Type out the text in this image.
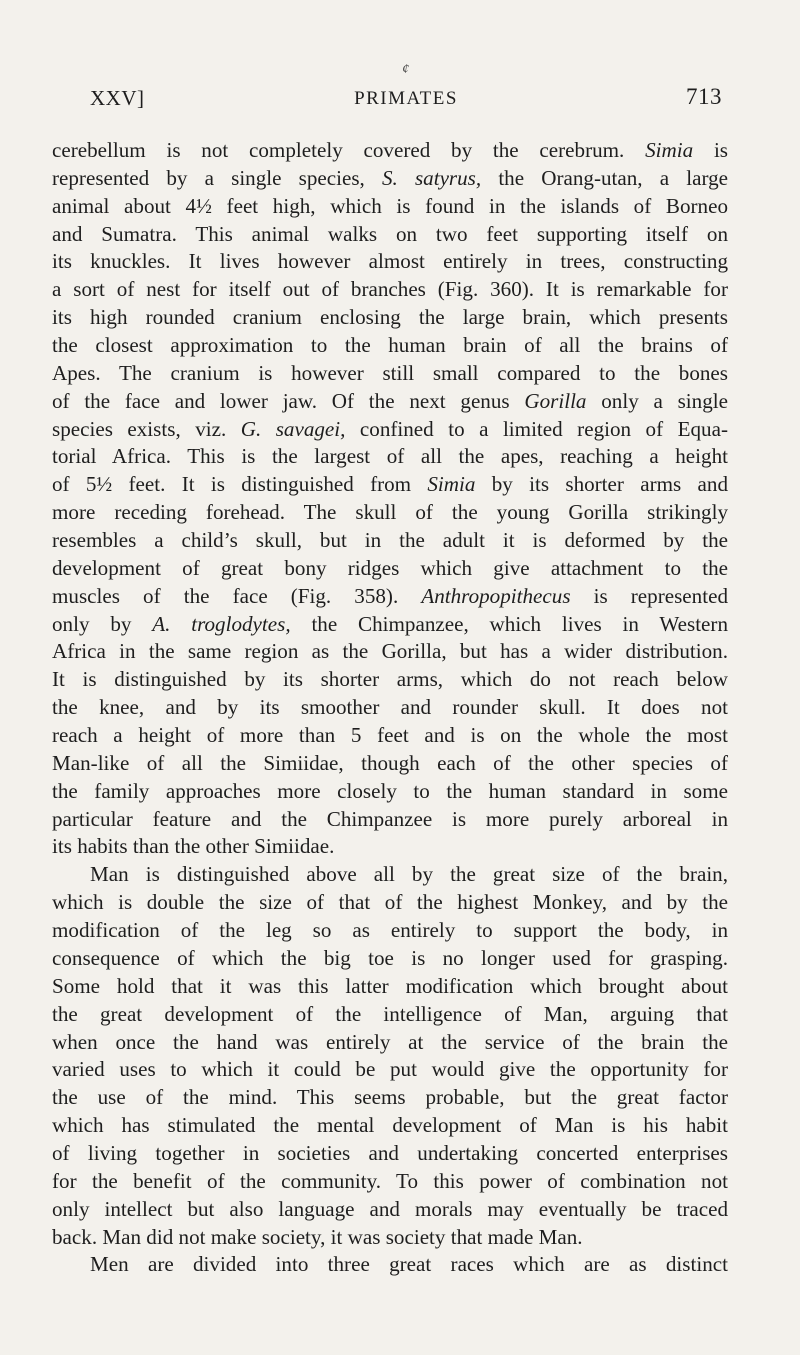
¢
XXV]	PRIMATES	713
cerebellum is not completely covered by the cerebrum. Simia is
represented by a single species, S. satyrus, the Orang-utan, a large
animal about 4½ feet high, which is found in the islands of Borneo
and Sumatra. This animal walks on two feet supporting itself on
its knuckles. It lives however almost entirely in trees, constructing
a sort of nest for itself out of branches (Fig. 360). It is remarkable for
its high rounded cranium enclosing the large brain, which presents
the closest approximation to the human brain of all the brains of
Apes. The cranium is however still small compared to the bones
of the face and lower jaw. Of the next genus Gorilla only a single
species exists, viz. G. savagei, confined to a limited region of Equa-
torial Africa. This is the largest of all the apes, reaching a height
of 5½ feet. It is distinguished from Simia by its shorter arms and
more receding forehead. The skull of the young Gorilla strikingly
resembles a child’s skull, but in the adult it is deformed by the
development of great bony ridges which give attachment to the
muscles of the face (Fig. 358). Anthropopithecus is represented
only by A. troglodytes, the Chimpanzee, which lives in Western
Africa in the same region as the Gorilla, but has a wider distribution.
It is distinguished by its shorter arms, which do not reach below
the knee, and by its smoother and rounder skull. It does not
reach a height of more than 5 feet and is on the whole the most
Man-like of all the Simiidae, though each of the other species of
the family approaches more closely to the human standard in some
particular feature and the Chimpanzee is more purely arboreal in
its habits than the other Simiidae.
Man is distinguished above all by the great size of the brain,
which is double the size of that of the highest Monkey, and by the
modification of the leg so as entirely to support the body, in
consequence of which the big toe is no longer used for grasping.
Some hold that it was this latter modification which brought about
the great development of the intelligence of Man, arguing that
when once the hand was entirely at the service of the brain the
varied uses to which it could be put would give the opportunity for
the use of the mind. This seems probable, but the great factor
which has stimulated the mental development of Man is his habit
of living together in societies and undertaking concerted enterprises
for the benefit of the community. To this power of combination not
only intellect but also language and morals may eventually be traced
back. Man did not make society, it was society that made Man.
Men are divided into three great races which are as distinct
